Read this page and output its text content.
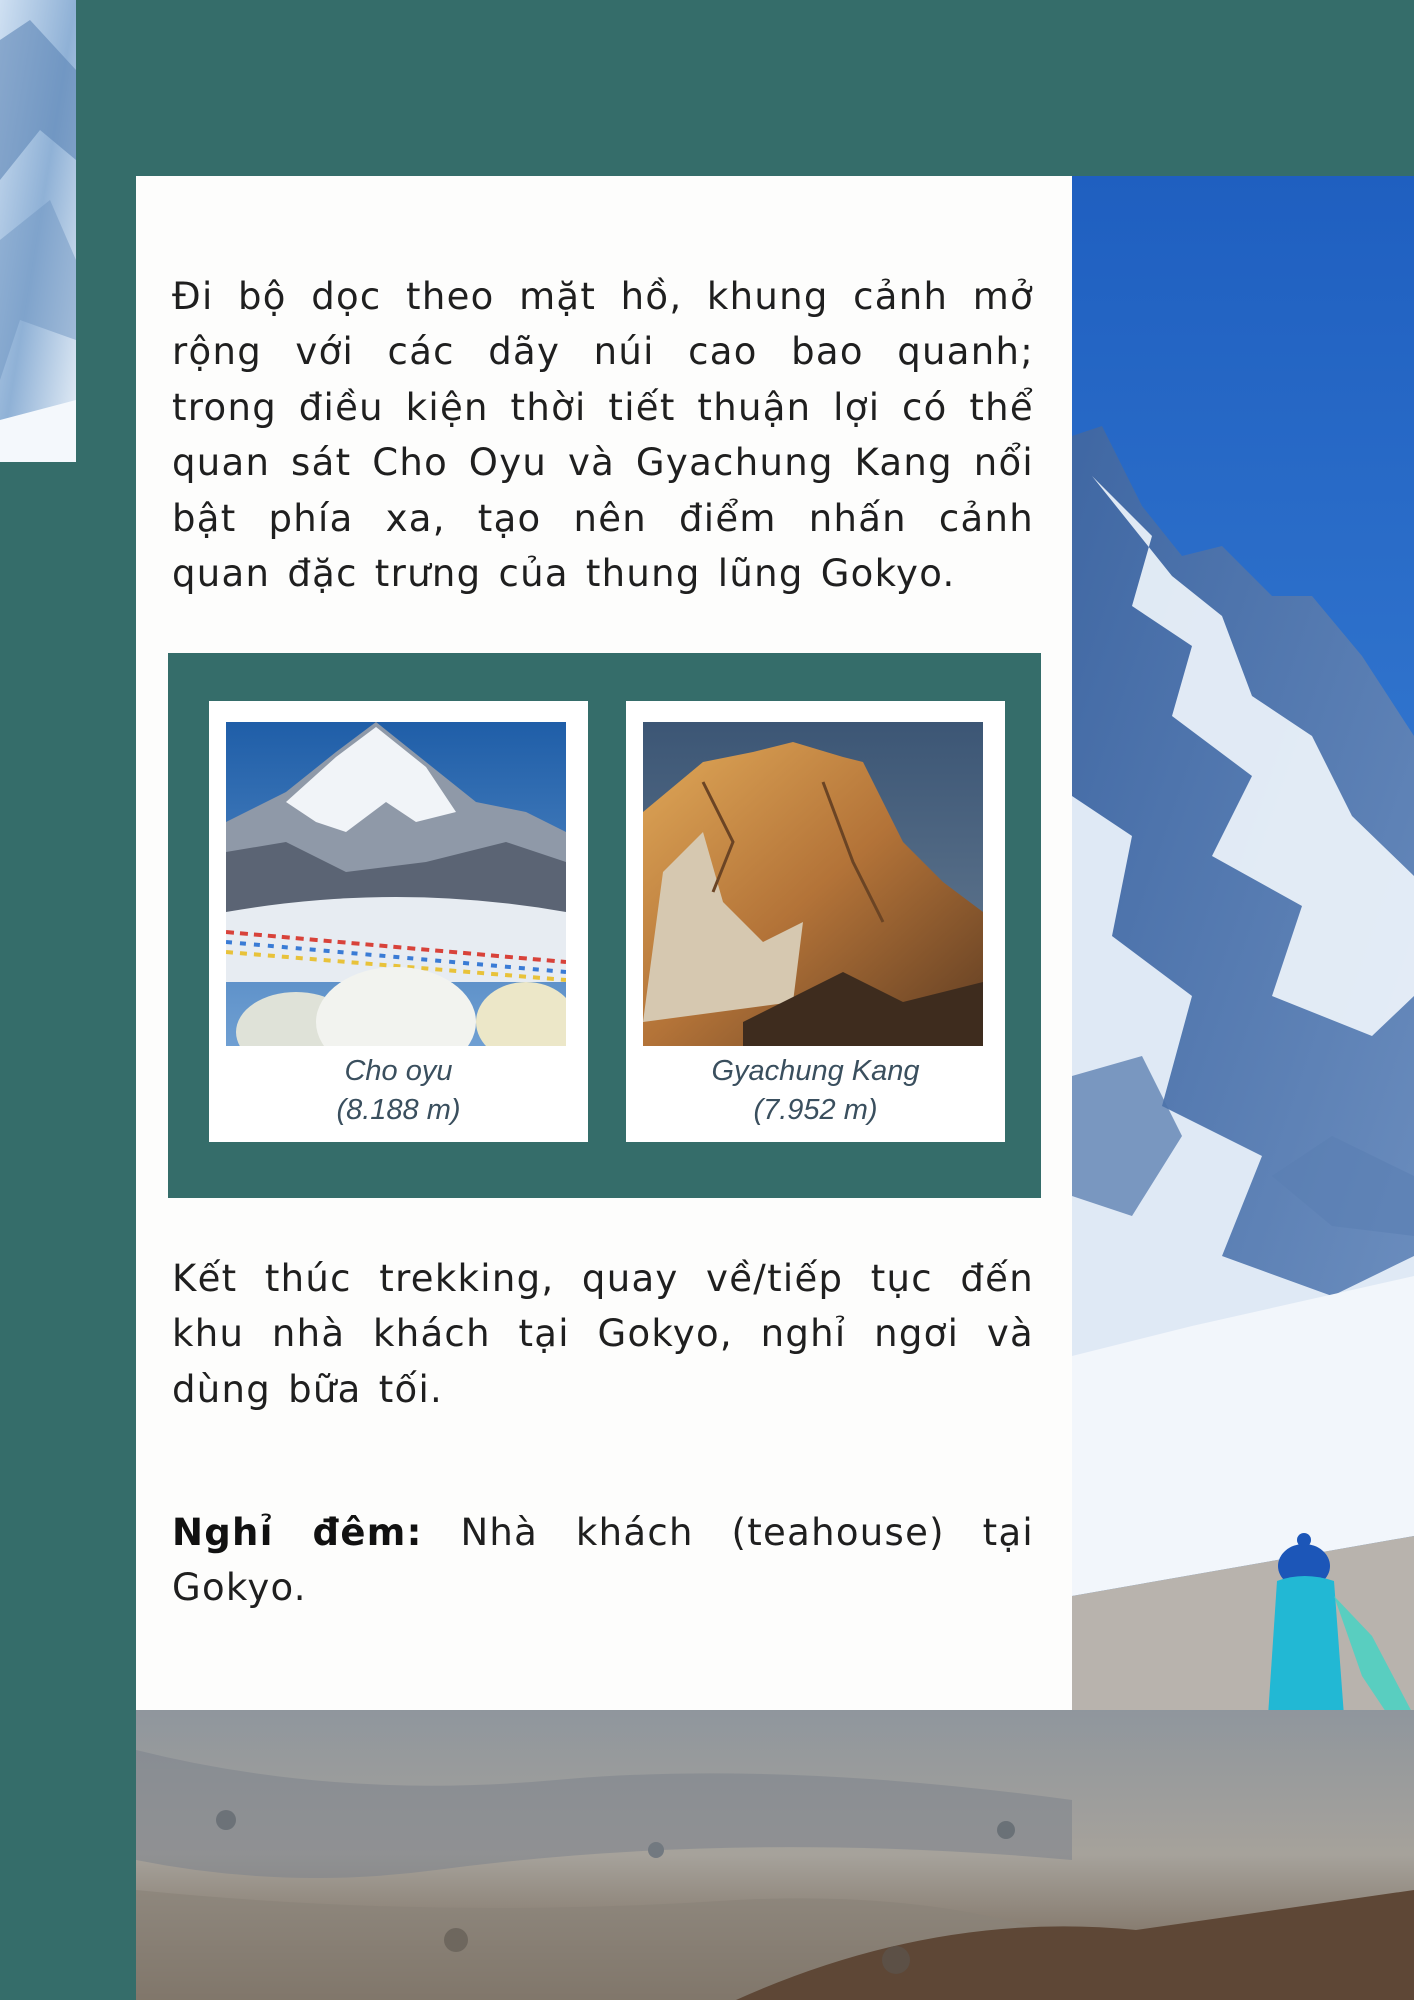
Đi bộ dọc theo mặt hồ, khung cảnh mở rộng với các dãy núi cao bao quanh; trong điều kiện thời tiết thuận lợi có thể quan sát Cho Oyu và Gyachung Kang nổi bật phía xa, tạo nên điểm nhấn cảnh quan đặc trưng của thung lũng Gokyo.

Cho oyu
(8.188 m)
Gyachung Kang
(7.952 m)

Kết thúc trekking, quay về/tiếp tục đến khu nhà khách tại Gokyo, nghỉ ngơi và dùng bữa tối.

Nghỉ đêm: Nhà khách (teahouse) tại Gokyo.
